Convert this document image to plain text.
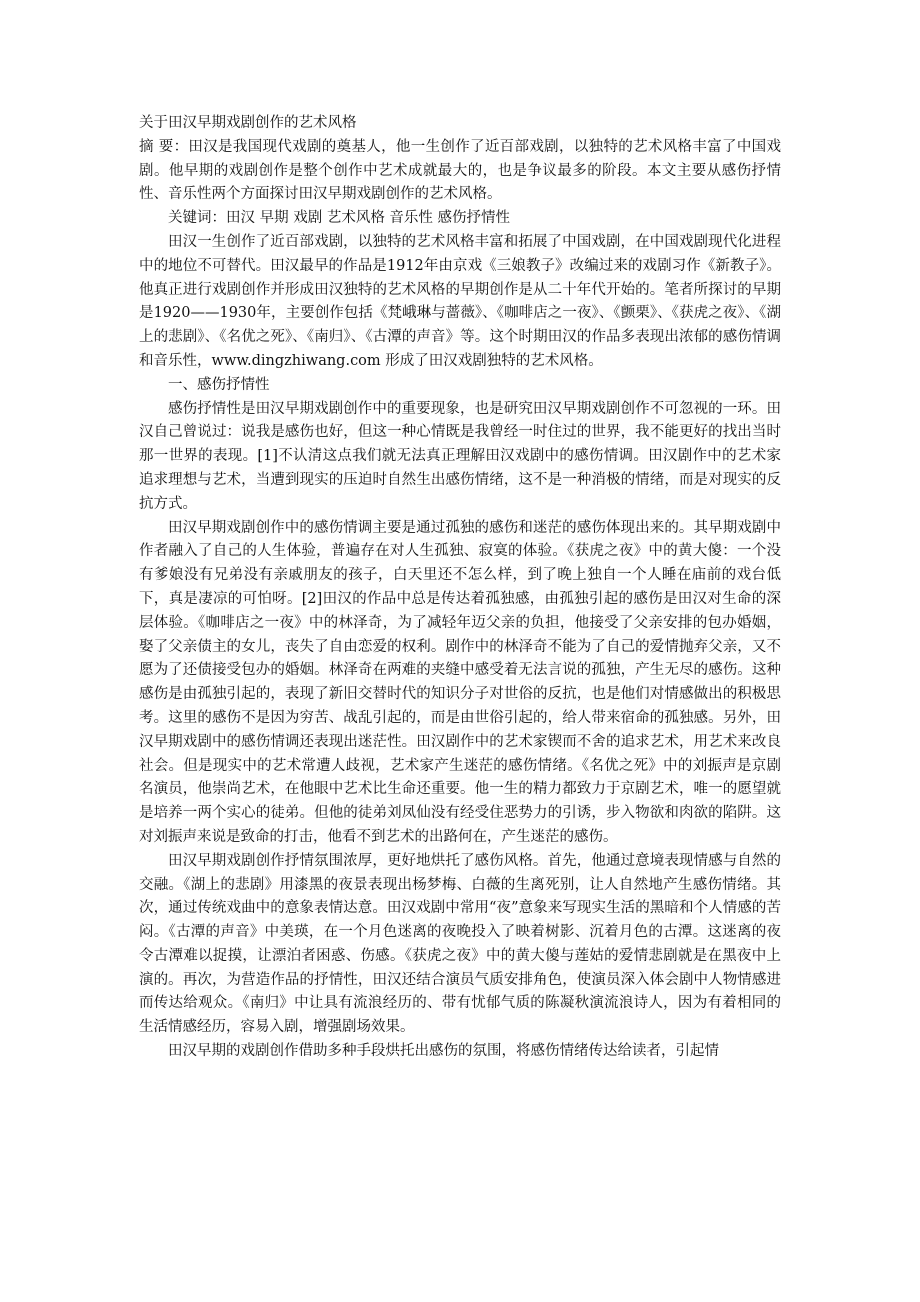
关于田汉早期戏剧创作的艺术风格

摘 要：田汉是我国现代戏剧的奠基人，他一生创作了近百部戏剧，以独特的艺术风格丰富了中国戏剧。他早期的戏剧创作是整个创作中艺术成就最大的，也是争议最多的阶段。本文主要从感伤抒情性、音乐性两个方面探讨田汉早期戏剧创作的艺术风格。

关键词：田汉 早期 戏剧 艺术风格 音乐性 感伤抒情性

田汉一生创作了近百部戏剧，以独特的艺术风格丰富和拓展了中国戏剧，在中国戏剧现代化进程中的地位不可替代。田汉最早的作品是1912年由京戏《三娘教子》改编过来的戏剧习作《新教子》。他真正进行戏剧创作并形成田汉独特的艺术风格的早期创作是从二十年代开始的。笔者所探讨的早期是1920——1930年，主要创作包括《梵峨琳与蔷薇》、《咖啡店之一夜》、《颤栗》、《获虎之夜》、《湖上的悲剧》、《名优之死》、《南归》、《古潭的声音》等。这个时期田汉的作品多表现出浓郁的感伤情调和音乐性，www.dingzhiwang.com 形成了田汉戏剧独特的艺术风格。

一、感伤抒情性

感伤抒情性是田汉早期戏剧创作中的重要现象，也是研究田汉早期戏剧创作不可忽视的一环。田汉自己曾说过：说我是感伤也好，但这一种心情既是我曾经一时住过的世界，我不能更好的找出当时那一世界的表现。[1]不认清这点我们就无法真正理解田汉戏剧中的感伤情调。田汉剧作中的艺术家追求理想与艺术，当遭到现实的压迫时自然生出感伤情绪，这不是一种消极的情绪，而是对现实的反抗方式。

田汉早期戏剧创作中的感伤情调主要是通过孤独的感伤和迷茫的感伤体现出来的。其早期戏剧中作者融入了自己的人生体验，普遍存在对人生孤独、寂寞的体验。《获虎之夜》中的黄大傻：一个没有爹娘没有兄弟没有亲戚朋友的孩子，白天里还不怎么样，到了晚上独自一个人睡在庙前的戏台低下，真是凄凉的可怕呀。[2]田汉的作品中总是传达着孤独感，由孤独引起的感伤是田汉对生命的深层体验。《咖啡店之一夜》中的林泽奇，为了减轻年迈父亲的负担，他接受了父亲安排的包办婚姻，娶了父亲债主的女儿，丧失了自由恋爱的权利。剧作中的林泽奇不能为了自己的爱情抛弃父亲，又不愿为了还债接受包办的婚姻。林泽奇在两难的夹缝中感受着无法言说的孤独，产生无尽的感伤。这种感伤是由孤独引起的，表现了新旧交替时代的知识分子对世俗的反抗，也是他们对情感做出的积极思考。这里的感伤不是因为穷苦、战乱引起的，而是由世俗引起的，给人带来宿命的孤独感。另外，田汉早期戏剧中的感伤情调还表现出迷茫性。田汉剧作中的艺术家锲而不舍的追求艺术，用艺术来改良社会。但是现实中的艺术常遭人歧视，艺术家产生迷茫的感伤情绪。《名优之死》中的刘振声是京剧名演员，他崇尚艺术，在他眼中艺术比生命还重要。他一生的精力都致力于京剧艺术，唯一的愿望就是培养一两个实心的徒弟。但他的徒弟刘凤仙没有经受住恶势力的引诱，步入物欲和肉欲的陷阱。这对刘振声来说是致命的打击，他看不到艺术的出路何在，产生迷茫的感伤。

田汉早期戏剧创作抒情氛围浓厚，更好地烘托了感伤风格。首先，他通过意境表现情感与自然的交融。《湖上的悲剧》用漆黑的夜景表现出杨梦梅、白薇的生离死别，让人自然地产生感伤情绪。其次，通过传统戏曲中的意象表情达意。田汉戏剧中常用“夜”意象来写现实生活的黑暗和个人情感的苦闷。《古潭的声音》中美瑛，在一个月色迷离的夜晚投入了映着树影、沉着月色的古潭。这迷离的夜令古潭难以捉摸，让漂泊者困惑、伤感。《获虎之夜》中的黄大傻与莲姑的爱情悲剧就是在黑夜中上演的。再次，为营造作品的抒情性，田汉还结合演员气质安排角色，使演员深入体会剧中人物情感进而传达给观众。《南归》中让具有流浪经历的、带有忧郁气质的陈凝秋演流浪诗人，因为有着相同的生活情感经历，容易入剧，增强剧场效果。

田汉早期的戏剧创作借助多种手段烘托出感伤的氛围，将感伤情绪传达给读者，引起情
